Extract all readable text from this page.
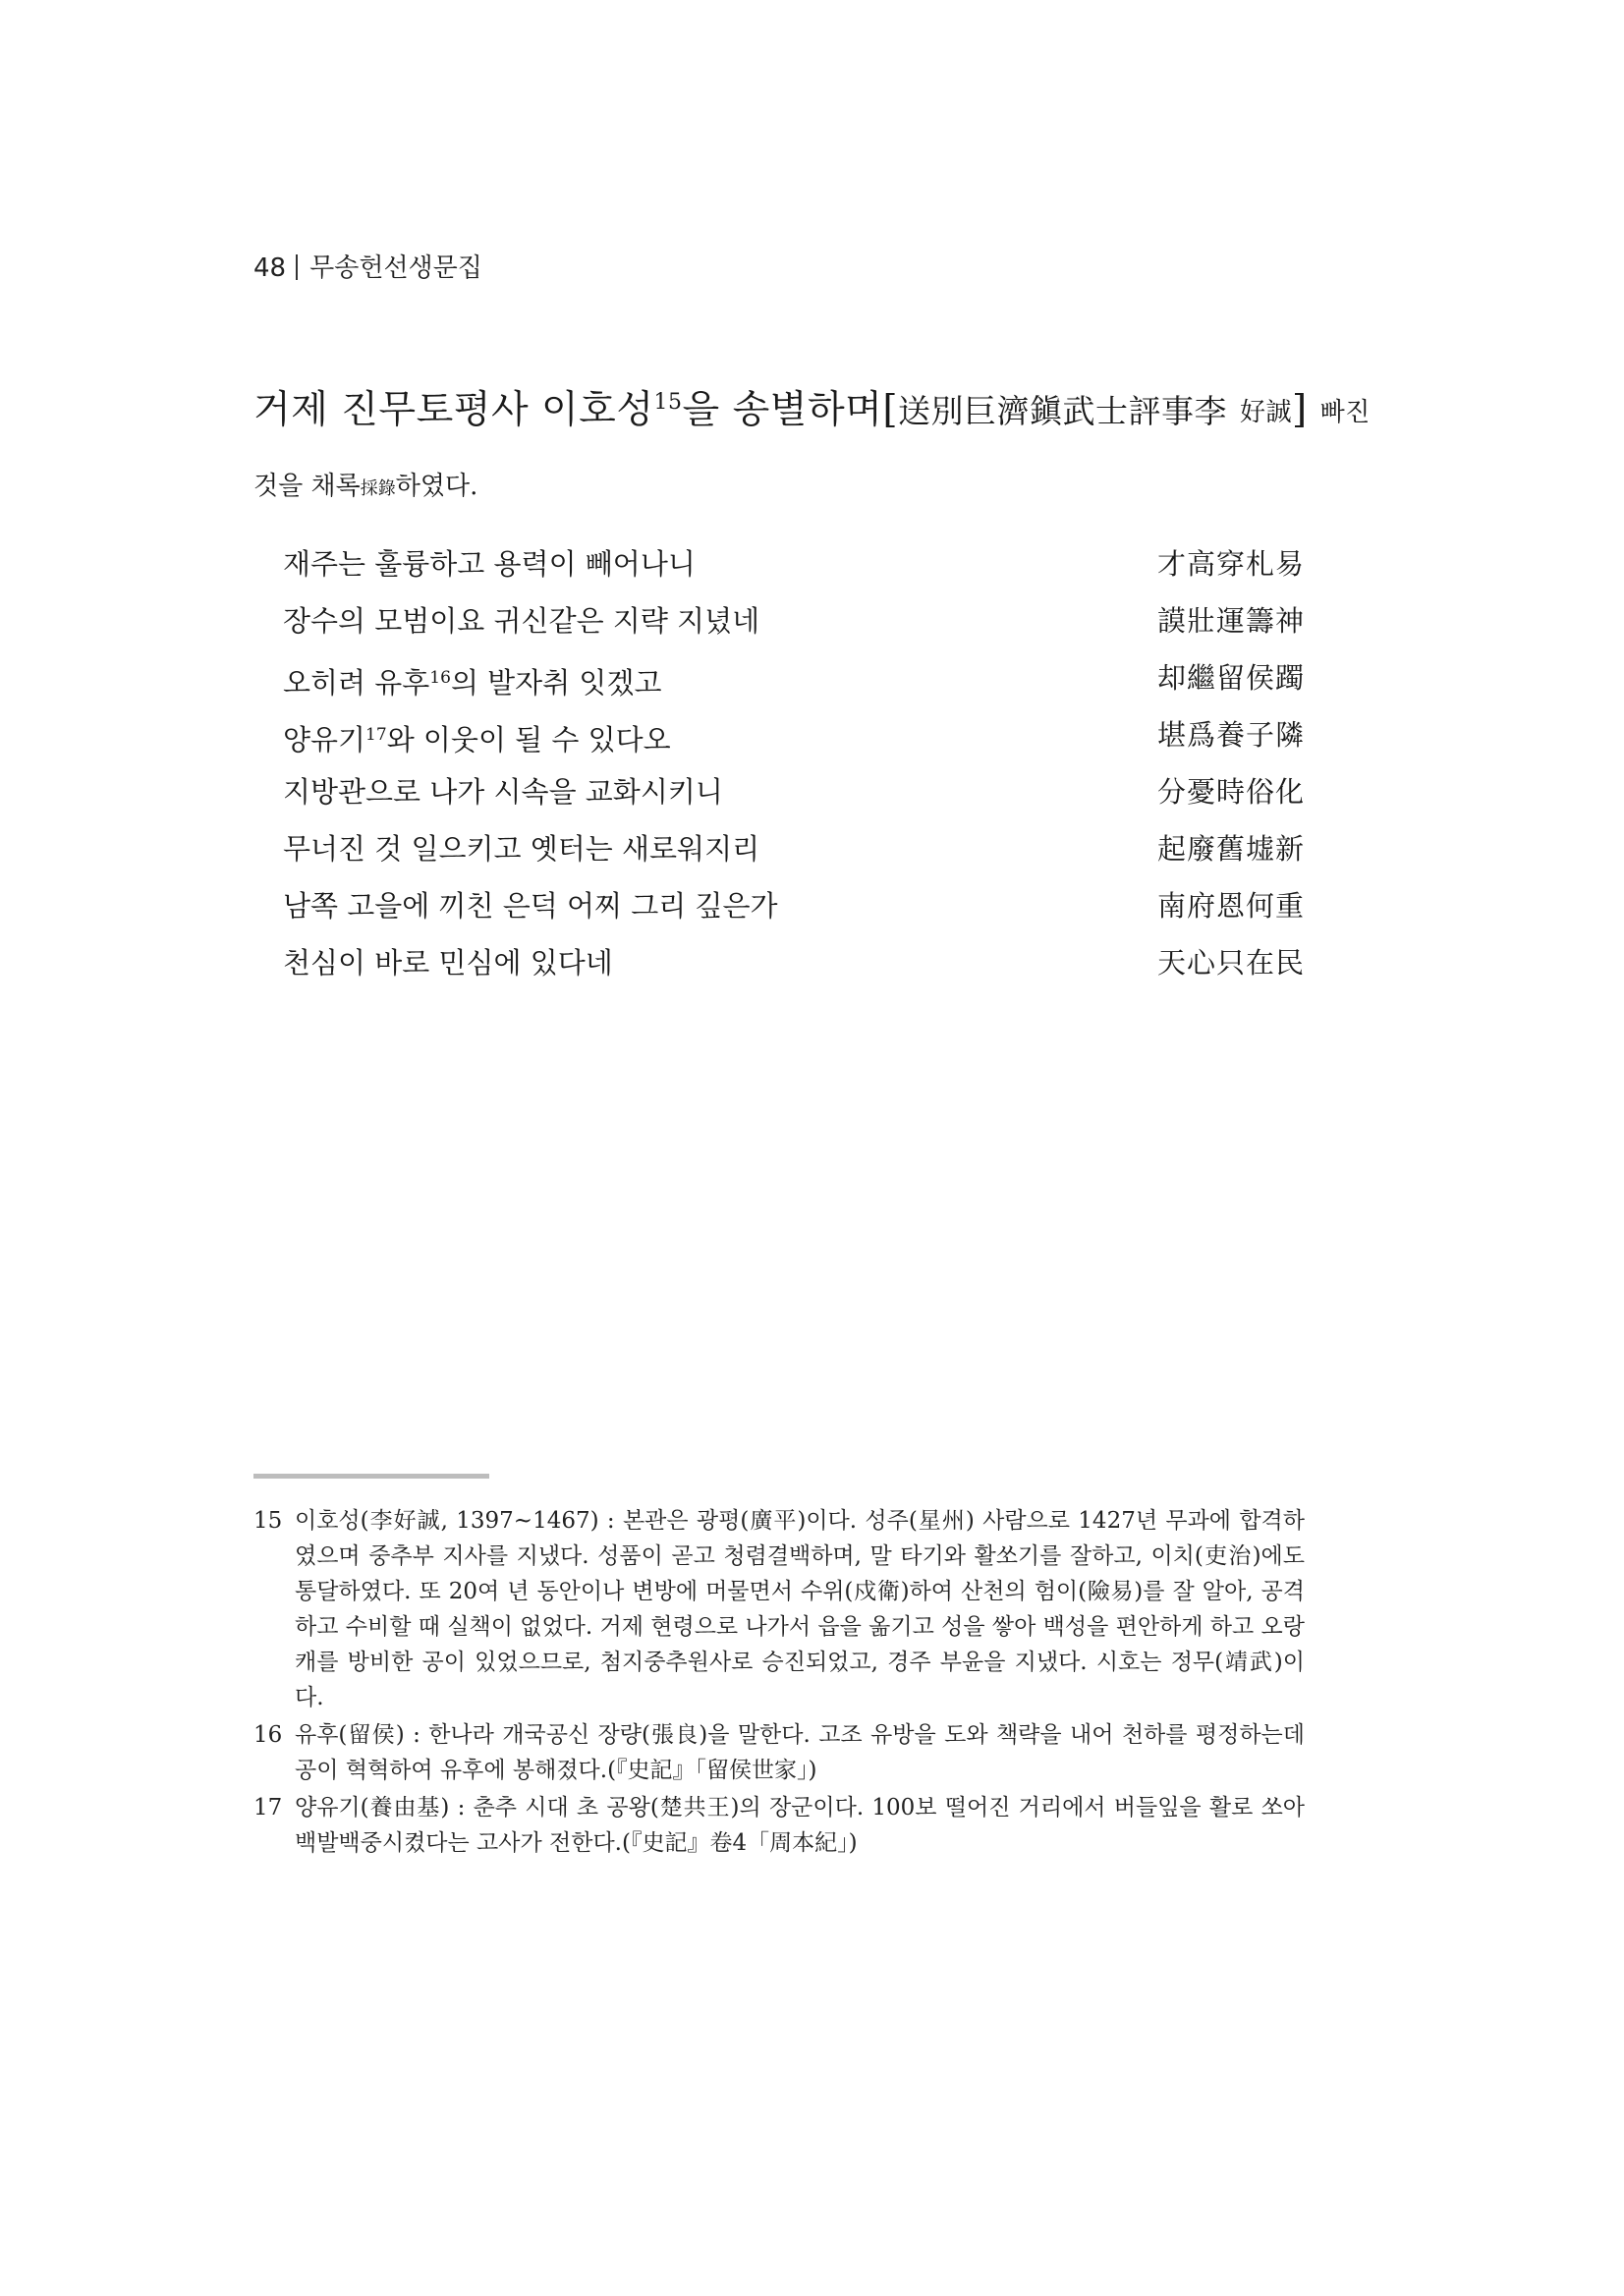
48 무송헌선생문집
거제 진무토평사 이호성$^{15}$을 송별하며[送別巨濟鎭武士評事李 好誠] 빠진
것을 채록採錄하였다.
재주는 훌륭하고 용력이 빼어나니	才高穿札易
장수의 모범이요 귀신같은 지략 지녔네	謨壯運籌神
오히려 유후$^{16}$의 발자취 잇겠고	却繼留侯躅
양유기$^{17}$와 이웃이 될 수 있다오	堪爲養子隣
지방관으로 나가 시속을 교화시키니	分憂時俗化
무너진 것 일으키고 옛터는 새로워지리	起廢舊墟新
남쪽 고을에 끼친 은덕 어찌 그리 깊은가	南府恩何重
천심이 바로 민심에 있다네	天心只在民
15 이호성(李好誠, 1397~1467) : 본관은 광평(廣平)이다. 성주(星州) 사람으로 1427년 무과에 합격하였으며 중추부 지사를 지냈다. 성품이 곧고 청렴결백하며, 말 타기와 활쏘기를 잘하고, 이치(吏治)에도 통달하였다. 또 20여 년 동안이나 변방에 머물면서 수위(戍衛)하여 산천의 험이(險易)를 잘 알아, 공격하고 수비할 때 실책이 없었다. 거제 현령으로 나가서 읍을 옮기고 성을 쌓아 백성을 편안하게 하고 오랑캐를 방비한 공이 있었으므로, 첨지중추원사로 승진되었고, 경주 부윤을 지냈다. 시호는 정무(靖武)이다.
16 유후(留侯) : 한나라 개국공신 장량(張良)을 말한다. 고조 유방을 도와 책략을 내어 천하를 평정하는데 공이 혁혁하여 유후에 봉해졌다.(『史記』「留侯世家」)
17 양유기(養由基) : 춘추 시대 초 공왕(楚共王)의 장군이다. 100보 떨어진 거리에서 버들잎을 활로 쏘아 백발백중시켰다는 고사가 전한다.(『史記』卷4「周本紀」)
